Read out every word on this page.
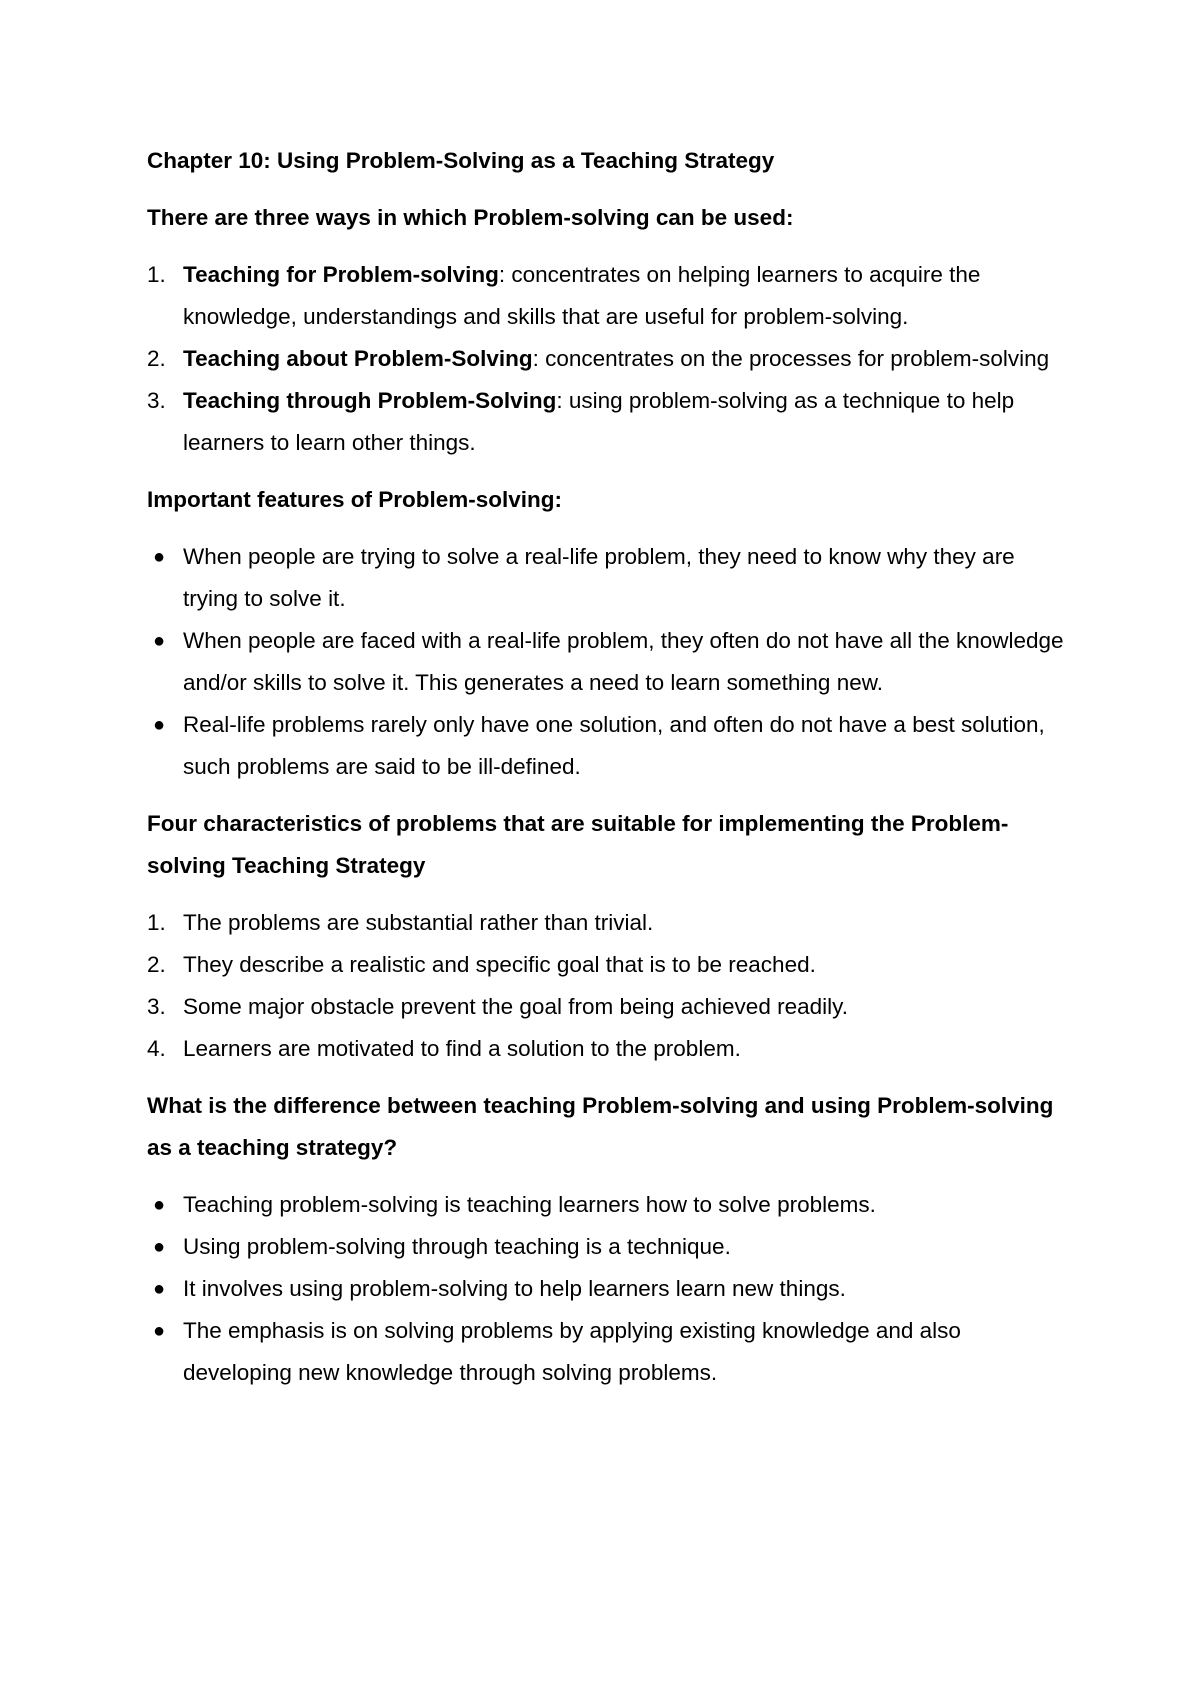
Chapter 10: Using Problem-Solving as a Teaching Strategy

There are three ways in which Problem-solving can be used:

1. Teaching for Problem-solving: concentrates on helping learners to acquire the knowledge, understandings and skills that are useful for problem-solving.
2. Teaching about Problem-Solving: concentrates on the processes for problem-solving
3. Teaching through Problem-Solving: using problem-solving as a technique to help learners to learn other things.

Important features of Problem-solving:

● When people are trying to solve a real-life problem, they need to know why they are trying to solve it.
● When people are faced with a real-life problem, they often do not have all the knowledge and/or skills to solve it. This generates a need to learn something new.
● Real-life problems rarely only have one solution, and often do not have a best solution, such problems are said to be ill-defined.

Four characteristics of problems that are suitable for implementing the Problem-solving Teaching Strategy

1. The problems are substantial rather than trivial.
2. They describe a realistic and specific goal that is to be reached.
3. Some major obstacle prevent the goal from being achieved readily.
4. Learners are motivated to find a solution to the problem.

What is the difference between teaching Problem-solving and using Problem-solving as a teaching strategy?

● Teaching problem-solving is teaching learners how to solve problems.
● Using problem-solving through teaching is a technique.
● It involves using problem-solving to help learners learn new things.
● The emphasis is on solving problems by applying existing knowledge and also developing new knowledge through solving problems.
